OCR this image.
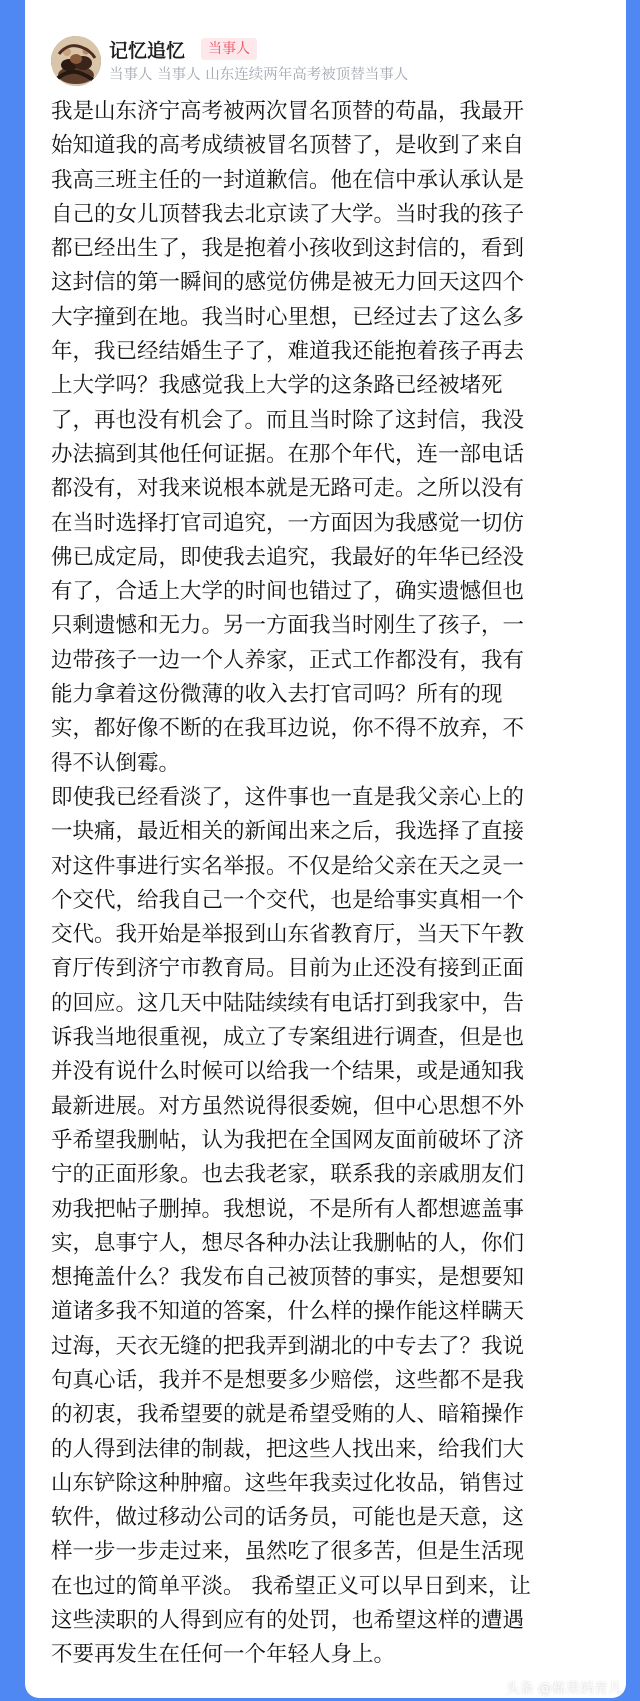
记忆追忆	当事人
当事人 当事人 山东连续两年高考被顶替当事人

我是山东济宁高考被两次冒名顶替的苟晶，我最开
始知道我的高考成绩被冒名顶替了，是收到了来自
我高三班主任的一封道歉信。他在信中承认承认是
自己的女儿顶替我去北京读了大学。当时我的孩子
都已经出生了，我是抱着小孩收到这封信的，看到
这封信的第一瞬间的感觉仿佛是被无力回天这四个
大字撞到在地。我当时心里想，已经过去了这么多
年，我已经结婚生子了，难道我还能抱着孩子再去
上大学吗？我感觉我上大学的这条路已经被堵死
了，再也没有机会了。而且当时除了这封信，我没
办法搞到其他任何证据。在那个年代，连一部电话
都没有，对我来说根本就是无路可走。之所以没有
在当时选择打官司追究，一方面因为我感觉一切仿
佛已成定局，即使我去追究，我最好的年华已经没
有了，合适上大学的时间也错过了，确实遗憾但也
只剩遗憾和无力。另一方面我当时刚生了孩子，一
边带孩子一边一个人养家，正式工作都没有，我有
能力拿着这份微薄的收入去打官司吗？所有的现
实，都好像不断的在我耳边说，你不得不放弃，不
得不认倒霉。

即使我已经看淡了，这件事也一直是我父亲心上的
一块痛，最近相关的新闻出来之后，我选择了直接
对这件事进行实名举报。不仅是给父亲在天之灵一
个交代，给我自己一个交代，也是给事实真相一个
交代。我开始是举报到山东省教育厅，当天下午教
育厅传到济宁市教育局。目前为止还没有接到正面
的回应。这几天中陆陆续续有电话打到我家中，告
诉我当地很重视，成立了专案组进行调查，但是也
并没有说什么时候可以给我一个结果，或是通知我
最新进展。对方虽然说得很委婉，但中心思想不外
乎希望我删帖，认为我把在全国网友面前破坏了济
宁的正面形象。也去我老家，联系我的亲戚朋友们
劝我把帖子删掉。我想说，不是所有人都想遮盖事
实，息事宁人，想尽各种办法让我删帖的人，你们
想掩盖什么？我发布自己被顶替的事实，是想要知
道诸多我不知道的答案，什么样的操作能这样瞒天
过海，天衣无缝的把我弄到湖北的中专去了？我说
句真心话，我并不是想要多少赔偿，这些都不是我
的初衷，我希望要的就是希望受贿的人、暗箱操作
的人得到法律的制裁，把这些人找出来，给我们大
山东铲除这种肿瘤。这些年我卖过化妆品，销售过
软件，做过移动公司的话务员，可能也是天意，这
样一步一步走过来，虽然吃了很多苦，但是生活现
在也过的简单平淡。 我希望正义可以早日到来，让
这些渎职的人得到应有的处罚，也希望这样的遭遇
不要再发生在任何一个年轻人身上。

头条 @栋果妈育儿
